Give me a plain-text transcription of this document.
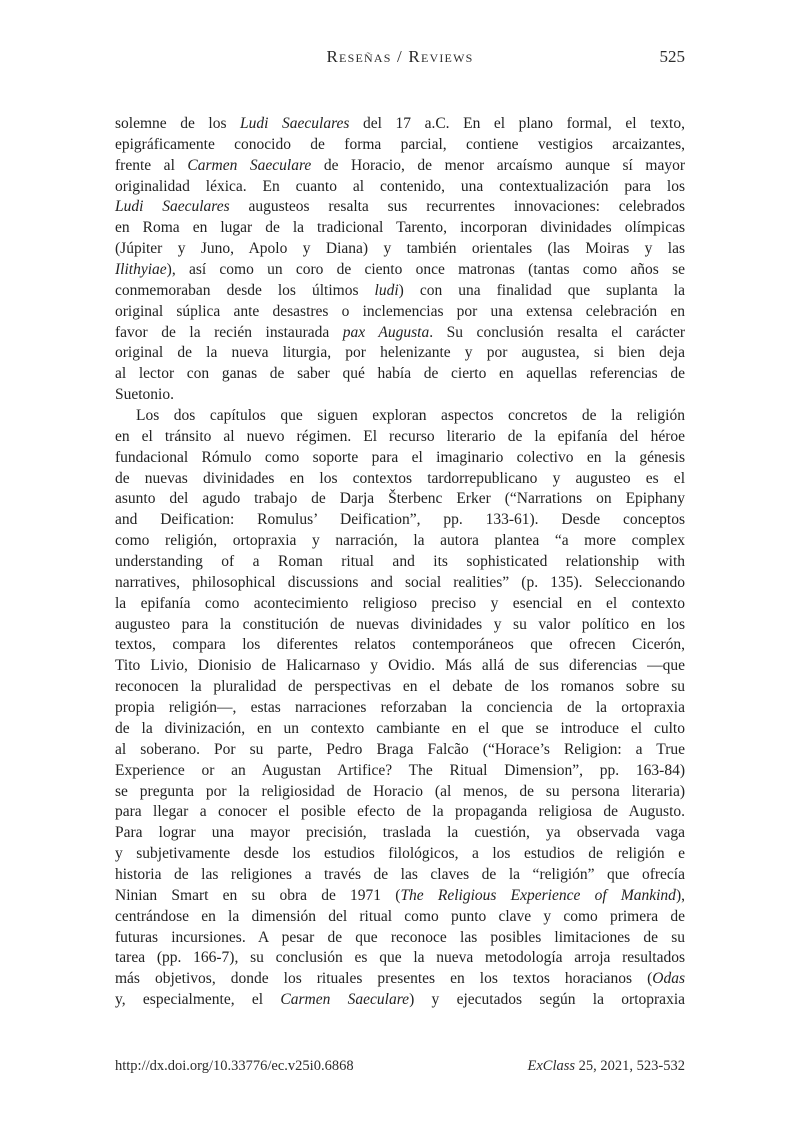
Reseñas / Reviews	525
solemne de los Ludi Saeculares del 17 a.C. En el plano formal, el texto,
epigráficamente conocido de forma parcial, contiene vestigios arcaizantes,
frente al Carmen Saeculare de Horacio, de menor arcaísmo aunque sí mayor
originalidad léxica. En cuanto al contenido, una contextualización para los
Ludi Saeculares augusteos resalta sus recurrentes innovaciones: celebrados
en Roma en lugar de la tradicional Tarento, incorporan divinidades olímpicas
(Júpiter y Juno, Apolo y Diana) y también orientales (las Moiras y las
Ilithyiae), así como un coro de ciento once matronas (tantas como años se
conmemoraban desde los últimos ludi) con una finalidad que suplanta la
original súplica ante desastres o inclemencias por una extensa celebración en
favor de la recién instaurada pax Augusta. Su conclusión resalta el carácter
original de la nueva liturgia, por helenizante y por augustea, si bien deja
al lector con ganas de saber qué había de cierto en aquellas referencias de
Suetonio.
Los dos capítulos que siguen exploran aspectos concretos de la religión
en el tránsito al nuevo régimen. El recurso literario de la epifanía del héroe
fundacional Rómulo como soporte para el imaginario colectivo en la génesis
de nuevas divinidades en los contextos tardorrepublicano y augusteo es el
asunto del agudo trabajo de Darja Šterbenc Erker (“Narrations on Epiphany
and Deification: Romulus’ Deification”, pp. 133-61). Desde conceptos
como religión, ortopraxia y narración, la autora plantea “a more complex
understanding of a Roman ritual and its sophisticated relationship with
narratives, philosophical discussions and social realities” (p. 135). Seleccionando
la epifanía como acontecimiento religioso preciso y esencial en el contexto
augusteo para la constitución de nuevas divinidades y su valor político en los
textos, compara los diferentes relatos contemporáneos que ofrecen Cicerón,
Tito Livio, Dionisio de Halicarnaso y Ovidio. Más allá de sus diferencias —que
reconocen la pluralidad de perspectivas en el debate de los romanos sobre su
propia religión—, estas narraciones reforzaban la conciencia de la ortopraxia
de la divinización, en un contexto cambiante en el que se introduce el culto
al soberano. Por su parte, Pedro Braga Falcão (“Horace’s Religion: a True
Experience or an Augustan Artifice? The Ritual Dimension”, pp. 163-84)
se pregunta por la religiosidad de Horacio (al menos, de su persona literaria)
para llegar a conocer el posible efecto de la propaganda religiosa de Augusto.
Para lograr una mayor precisión, traslada la cuestión, ya observada vaga
y subjetivamente desde los estudios filológicos, a los estudios de religión e
historia de las religiones a través de las claves de la “religión” que ofrecía
Ninian Smart en su obra de 1971 (The Religious Experience of Mankind),
centrándose en la dimensión del ritual como punto clave y como primera de
futuras incursiones. A pesar de que reconoce las posibles limitaciones de su
tarea (pp. 166-7), su conclusión es que la nueva metodología arroja resultados
más objetivos, donde los rituales presentes en los textos horacianos (Odas
y, especialmente, el Carmen Saeculare) y ejecutados según la ortopraxia
http://dx.doi.org/10.33776/ec.v25i0.6868	ExClass 25, 2021, 523-532
